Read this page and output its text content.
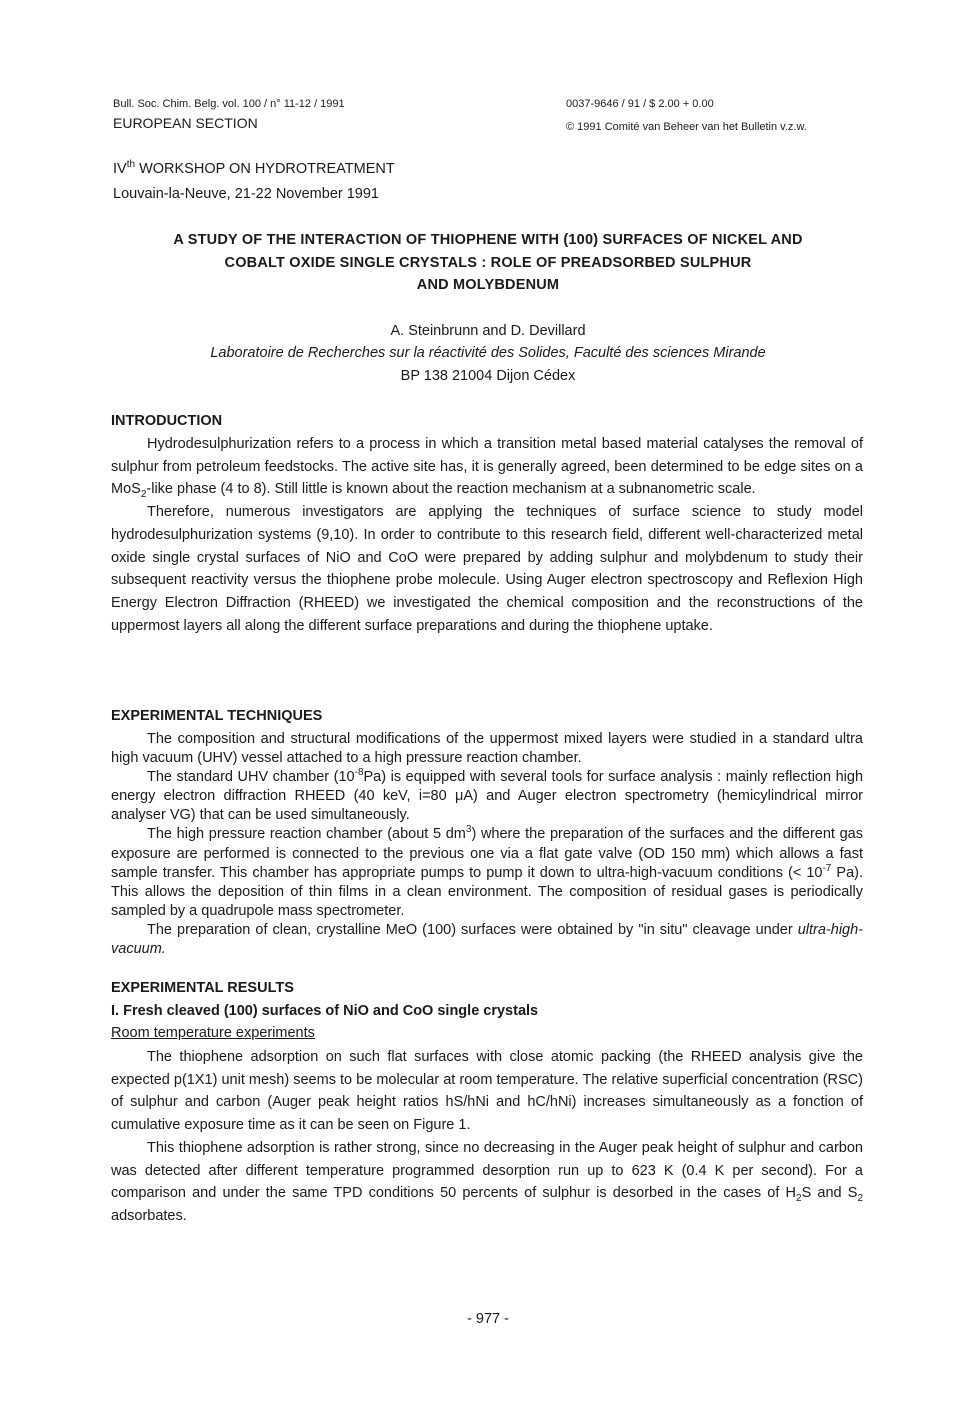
Bull. Soc. Chim. Belg. vol. 100 / n° 11-12 / 1991
EUROPEAN SECTION
0037-9646 / 91 / $ 2.00 + 0.00
© 1991 Comité van Beheer van het Bulletin v.z.w.
IVth WORKSHOP ON HYDROTREATMENT
Louvain-la-Neuve, 21-22 November 1991
A STUDY OF THE INTERACTION OF THIOPHENE WITH (100) SURFACES OF NICKEL AND
COBALT OXIDE SINGLE CRYSTALS : ROLE OF PREADSORBED SULPHUR
AND MOLYBDENUM
A. Steinbrunn and D. Devillard
Laboratoire de Recherches sur la réactivité des Solides, Faculté des sciences Mirande
BP 138 21004 Dijon Cédex
INTRODUCTION

Hydrodesulphurization refers to a process in which a transition metal based material catalyses the removal of sulphur from petroleum feedstocks. The active site has, it is generally agreed, been determined to be edge sites on a MoS$_2$-like phase (4 to 8). Still little is known about the reaction mechanism at a subnanometric scale.

Therefore, numerous investigators are applying the techniques of surface science to study model hydrodesulphurization systems (9,10). In order to contribute to this research field, different well-characterized metal oxide single crystal surfaces of NiO and CoO were prepared by adding sulphur and molybdenum to study their subsequent reactivity versus the thiophene probe molecule. Using Auger electron spectroscopy and Reflexion High Energy Electron Diffraction (RHEED) we investigated the chemical composition and the reconstructions of the uppermost layers all along the different surface preparations and during the thiophene uptake.

EXPERIMENTAL TECHNIQUES

The composition and structural modifications of the uppermost mixed layers were studied in a standard ultra high vacuum (UHV) vessel attached to a high pressure reaction chamber.

The standard UHV chamber $(10^{-8}Pa)$ is equipped with several tools for surface analysis : mainly reflection high energy electron diffraction RHEED (40 keV, i=80 μA) and Auger electron spectrometry (hemicylindrical mirror analyser VG) that can be used simultaneously.

The high pressure reaction chamber (about 5 $dm^3$) where the preparation of the surfaces and the different gas exposure are performed is connected to the previous one via a flat gate valve (OD 150 mm) which allows a fast sample transfer. This chamber has appropriate pumps to pump it down to ultra-high-vacuum conditions (< $10^{-7}$ Pa). This allows the deposition of thin films in a clean environment. The composition of residual gases is periodically sampled by a quadrupole mass spectrometer.

The preparation of clean, crystalline MeO (100) surfaces were obtained by "in situ" cleavage under ultra-high-vacuum.

EXPERIMENTAL RESULTS
I. Fresh cleaved (100) surfaces of NiO and CoO single crystals
Room temperature experiments

The thiophene adsorption on such flat surfaces with close atomic packing (the RHEED analysis give the expected p(1X1) unit mesh) seems to be molecular at room temperature. The relative superficial concentration (RSC) of sulphur and carbon (Auger peak height ratios hS/hNi and hC/hNi) increases simultaneously as a fonction of cumulative exposure time as it can be seen on Figure 1.

This thiophene adsorption is rather strong, since no decreasing in the Auger peak height of sulphur and carbon was detected after different temperature programmed desorption run up to 623 K (0.4 K per second). For a comparison and under the same TPD conditions 50 percents of sulphur is desorbed in the cases of $H_2S$ and $S_2$ adsorbates.

- 977 -
